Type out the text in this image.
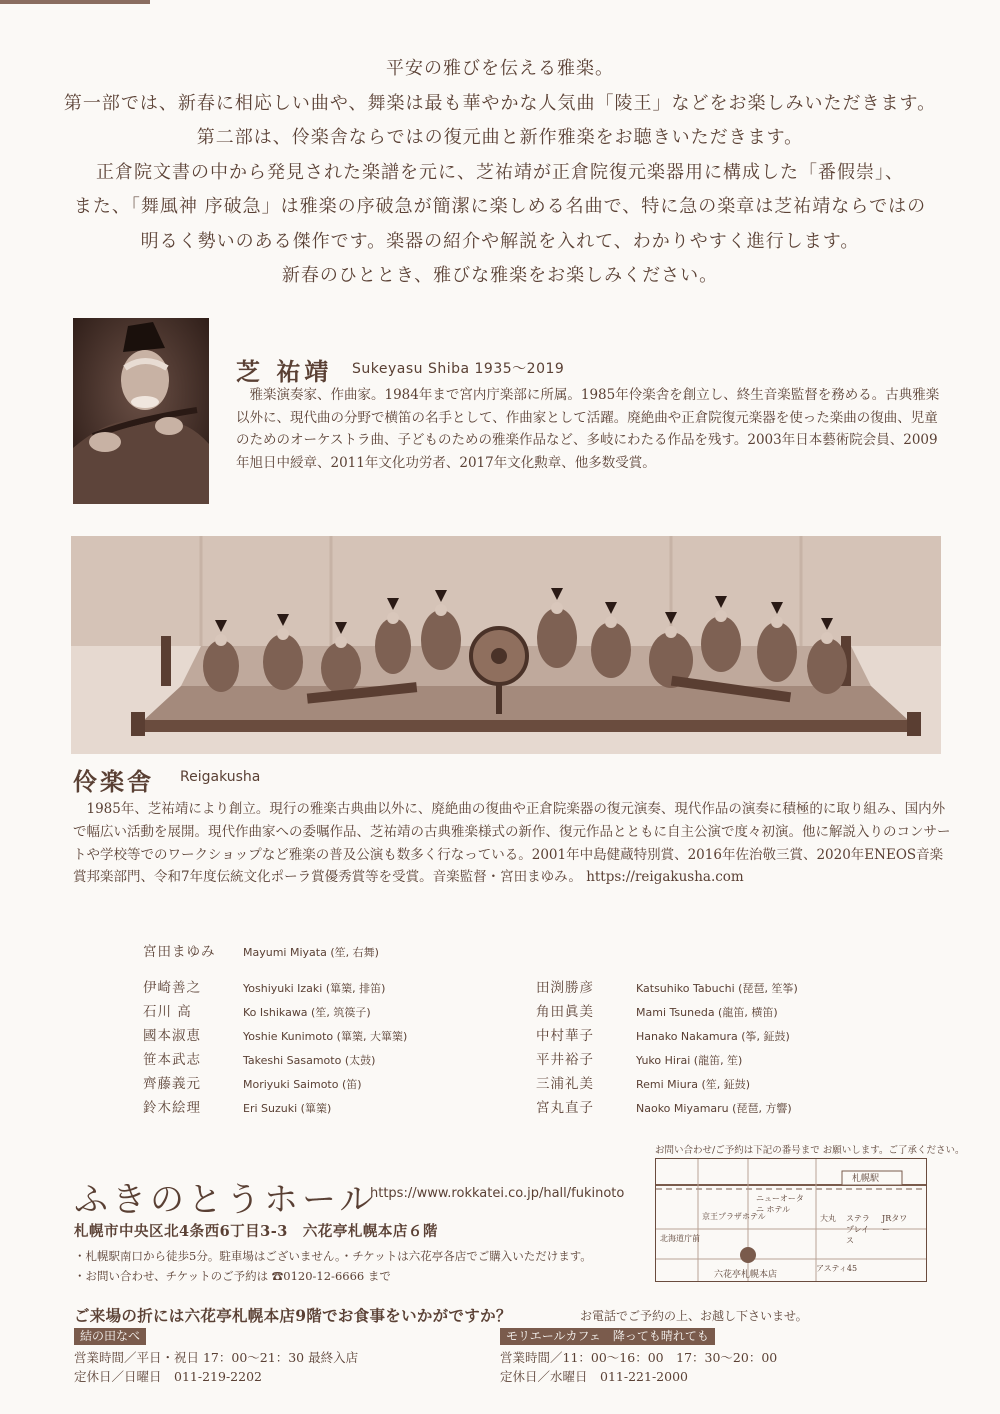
平安の雅びを伝える雅楽。
第一部では、新春に相応しい曲や、舞楽は最も華やかな人気曲「陵王」などをお楽しみいただきます。
第二部は、伶楽舎ならではの復元曲と新作雅楽をお聴きいただきます。
正倉院文書の中から発見された楽譜を元に、芝祐靖が正倉院復元楽器用に構成した「番假崇」、
また、「舞風神 序破急」は雅楽の序破急が簡潔に楽しめる名曲で、特に急の楽章は芝祐靖ならではの
明るく勢いのある傑作です。楽器の紹介や解説を入れて、わかりやすく進行します。
新春のひととき、雅びな雅楽をお楽しみください。
芝 祐靖 Sukeyasu Shiba 1935～2019
雅楽演奏家、作曲家。1984年まで宮内庁楽部に所属。1985年伶楽舎を創立し、終生音楽監督を務める。古典雅楽以外に、現代曲の分野で横笛の名手として、作曲家として活躍。廃絶曲や正倉院復元楽器を使った楽曲の復曲、児童のためのオーケストラ曲、子どものための雅楽作品など、多岐にわたる作品を残す。2003年日本藝術院会員、2009年旭日中綬章、2011年文化功労者、2017年文化勲章、他多数受賞。
伶楽舎 Reigakusha
1985年、芝祐靖により創立。現行の雅楽古典曲以外に、廃絶曲の復曲や正倉院楽器の復元演奏、現代作品の演奏に積極的に取り組み、国内外で幅広い活動を展開。現代作曲家への委嘱作品、芝祐靖の古典雅楽様式の新作、復元作品とともに自主公演で度々初演。他に解説入りのコンサートや学校等でのワークショップなど雅楽の普及公演も数多く行なっている。2001年中島健蔵特別賞、2016年佐治敬三賞、2020年ENEOS音楽賞邦楽部門、令和7年度伝統文化ポーラ賞優秀賞等を受賞。音楽監督・宮田まゆみ。 https://reigakusha.com
宮田まゆみ	Mayumi Miyata (笙, 右舞)
伊崎善之	Yoshiyuki Izaki (篳篥, 排笛)
石川 高	Ko Ishikawa (笙, 筑篌子)
國本淑恵	Yoshie Kunimoto (篳篥, 大篳篥)
笹本武志	Takeshi Sasamoto (太鼓)
齊藤義元	Moriyuki Saimoto (笛)
鈴木絵理	Eri Suzuki (篳篥)
田渕勝彦	Katsuhiko Tabuchi (琵琶, 笙筝)
角田眞美	Mami Tsuneda (龍笛, 横笛)
中村華子	Hanako Nakamura (筝, 鉦鼓)
平井裕子	Yuko Hirai (龍笛, 笙)
三浦礼美	Remi Miura (笙, 鉦鼓)
宮丸直子	Naoko Miyamaru (琵琶, 方響)
ふきのとうホール
https://www.rokkatei.co.jp/hall/fukinoto
札幌市中央区北4条西6丁目3-3　六花亭札幌本店６階
・札幌駅南口から徒歩5分。駐車場はございません。・チケットは六花亭各店でご購入いただけます。
・お問い合わせ、チケットのご予約は ☎0120-12-6666 まで
お問い合わせ/ご予約は下記の番号まで お願いします。ご了承ください。
札幌駅
京王プラザホテル
ニューオータニ ホテル
大丸 ステラプレイス
JRタワー
北海道庁前
アスティ45
六花亭札幌本店
ご来場の折には六花亭札幌本店9階でお食事をいかがですか？	お電話でご予約の上、お越し下さいませ。
結の田なべ
営業時間／平日・祝日 17：00～21：30 最終入店
定休日／日曜日　011-219-2202
モリエールカフェ　降っても晴れても
営業時間／11：00～16：00　17：30～20：00
定休日／水曜日　011-221-2000
